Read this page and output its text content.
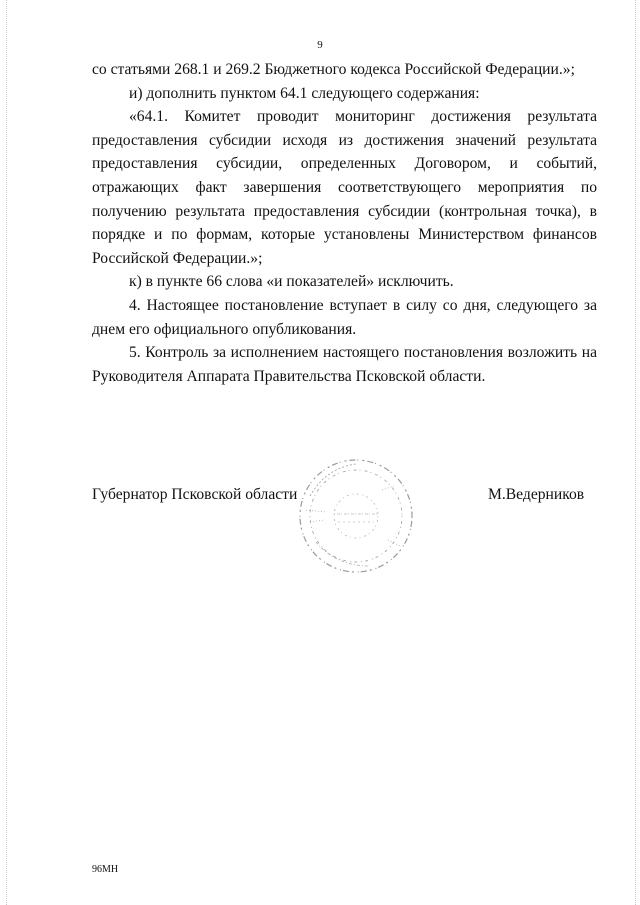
9

со статьями 268.1 и 269.2 Бюджетного кодекса Российской Федерации.»;

и) дополнить пунктом 64.1 следующего содержания:

«64.1. Комитет проводит мониторинг достижения результата предоставления субсидии исходя из достижения значений результата предоставления субсидии, определенных Договором, и событий, отражающих факт завершения соответствующего мероприятия по получению результата предоставления субсидии (контрольная точка), в порядке и по формам, которые установлены Министерством финансов Российской Федерации.»;

к) в пункте 66 слова «и показателей» исключить.

4. Настоящее постановление вступает в силу со дня, следующего за днем его официального опубликования.

5. Контроль за исполнением настоящего постановления возложить на Руководителя Аппарата Правительства Псковской области.

Губернатор Псковской области	М.Ведерников
96МН
